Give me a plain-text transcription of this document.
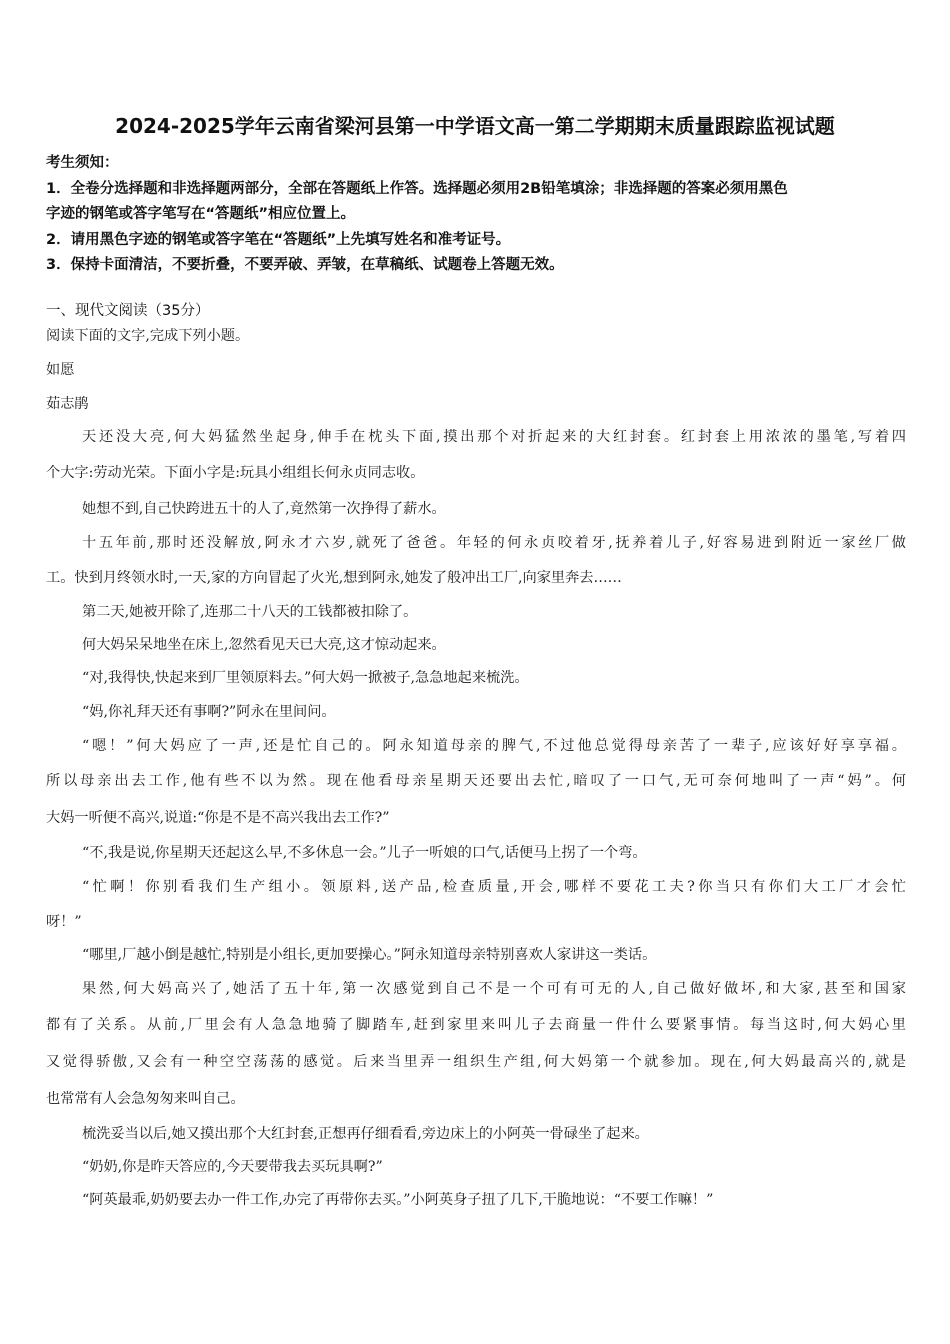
2024-2025学年云南省梁河县第一中学语文高一第二学期期末质量跟踪监视试题
考生须知：
1．全卷分选择题和非选择题两部分，全部在答题纸上作答。选择题必须用2B铅笔填涂；非选择题的答案必须用黑色
字迹的钢笔或答字笔写在“答题纸”相应位置上。
2．请用黑色字迹的钢笔或答字笔在“答题纸”上先填写姓名和准考证号。
3．保持卡面清洁，不要折叠，不要弄破、弄皱，在草稿纸、试题卷上答题无效。
一、现代文阅读（35分）
阅读下面的文字,完成下列小题。
如愿
茹志鹃
天还没大亮,何大妈猛然坐起身,伸手在枕头下面,摸出那个对折起来的大红封套。红封套上用浓浓的墨笔,写着四
个大字:劳动光荣。下面小字是:玩具小组组长何永贞同志收。
她想不到,自己快跨进五十的人了,竟然第一次挣得了薪水。
十五年前,那时还没解放,阿永才六岁,就死了爸爸。年轻的何永贞咬着牙,抚养着儿子,好容易进到附近一家丝厂做
工。快到月终领水时,一天,家的方向冒起了火光,想到阿永,她发了般冲出工厂,向家里奔去……
第二天,她被开除了,连那二十八天的工钱都被扣除了。
何大妈呆呆地坐在床上,忽然看见天已大亮,这才惊动起来。
“对,我得快,快起来到厂里领原料去。”何大妈一掀被子,急急地起来梳洗。
“妈,你礼拜天还有事啊?”阿永在里间问。
“嗯！”何大妈应了一声,还是忙自己的。阿永知道母亲的脾气,不过他总觉得母亲苦了一辈子,应该好好享享福。
所以母亲出去工作,他有些不以为然。现在他看母亲星期天还要出去忙,暗叹了一口气,无可奈何地叫了一声“妈”。何
大妈一听便不高兴,说道:“你是不是不高兴我出去工作?”
“不,我是说,你星期天还起这么早,不多休息一会。”儿子一听娘的口气,话便马上拐了一个弯。
“忙啊！你别看我们生产组小。领原料,送产品,检查质量,开会,哪样不要花工夫?你当只有你们大工厂才会忙
呀！”
“哪里,厂越小倒是越忙,特别是小组长,更加要操心。”阿永知道母亲特别喜欢人家讲这一类话。
果然,何大妈高兴了,她活了五十年,第一次感觉到自己不是一个可有可无的人,自己做好做坏,和大家,甚至和国家
都有了关系。从前,厂里会有人急急地骑了脚踏车,赶到家里来叫儿子去商量一件什么要紧事情。每当这时,何大妈心里
又觉得骄傲,又会有一种空空荡荡的感觉。后来当里弄一组织生产组,何大妈第一个就参加。现在,何大妈最高兴的,就是
也常常有人会急匆匆来叫自己。
梳洗妥当以后,她又摸出那个大红封套,正想再仔细看看,旁边床上的小阿英一骨碌坐了起来。
“奶奶,你是昨天答应的,今天要带我去买玩具啊?”
“阿英最乖,奶奶要去办一件工作,办完了再带你去买。”小阿英身子扭了几下,干脆地说：“不要工作嘛！”
